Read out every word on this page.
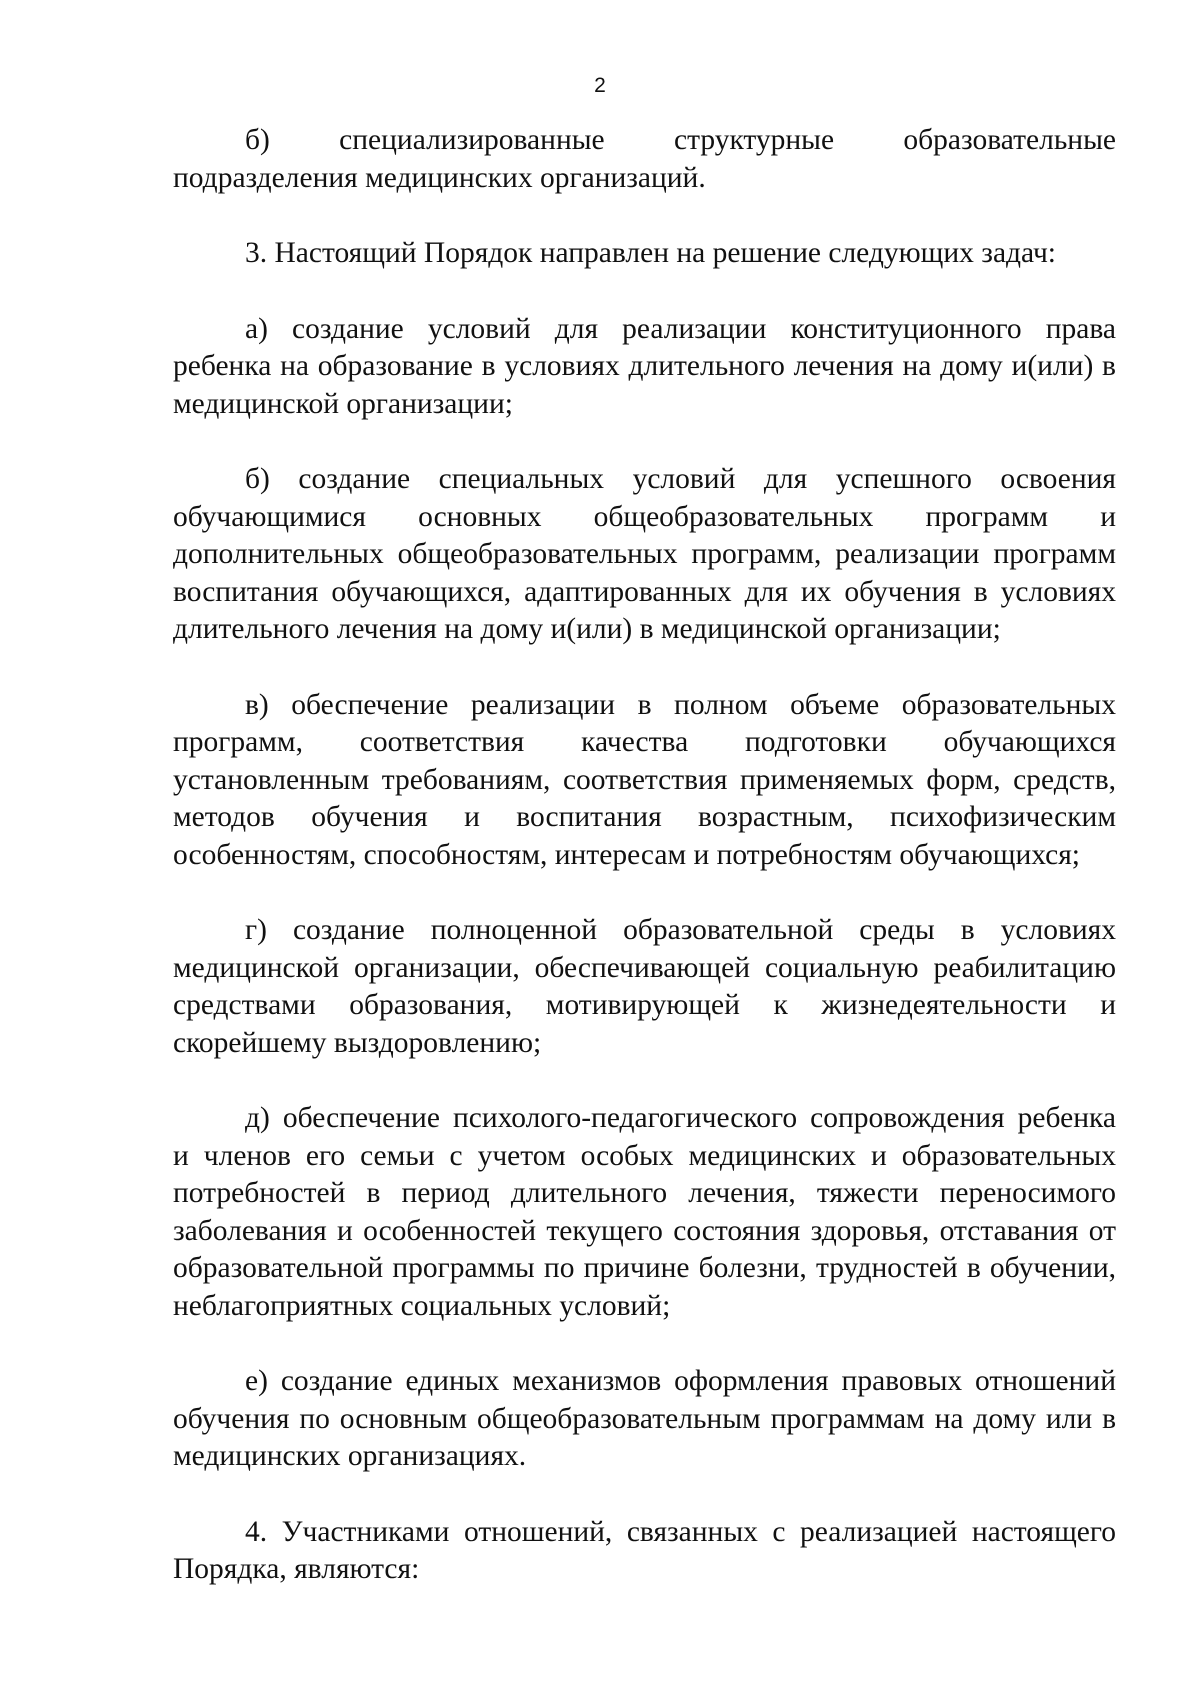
2

б) специализированные структурные образовательные подразделения медицинских организаций.

3. Настоящий Порядок направлен на решение следующих задач:

а) создание условий для реализации конституционного права ребенка на образование в условиях длительного лечения на дому и(или) в медицинской организации;

б) создание специальных условий для успешного освоения обучающимися основных общеобразовательных программ и дополнительных общеобразовательных программ, реализации программ воспитания обучающихся, адаптированных для их обучения в условиях длительного лечения на дому и(или) в медицинской организации;

в) обеспечение реализации в полном объеме образовательных программ, соответствия качества подготовки обучающихся установленным требованиям, соответствия применяемых форм, средств, методов обучения и воспитания возрастным, психофизическим особенностям, способностям, интересам и потребностям обучающихся;

г) создание полноценной образовательной среды в условиях медицинской организации, обеспечивающей социальную реабилитацию средствами образования, мотивирующей к жизнедеятельности и скорейшему выздоровлению;

д) обеспечение психолого-педагогического сопровождения ребенка и членов его семьи с учетом особых медицинских и образовательных потребностей в период длительного лечения, тяжести переносимого заболевания и особенностей текущего состояния здоровья, отставания от образовательной программы по причине болезни, трудностей в обучении, неблагоприятных социальных условий;

е) создание единых механизмов оформления правовых отношений обучения по основным общеобразовательным программам на дому или в медицинских организациях.

4. Участниками отношений, связанных с реализацией настоящего Порядка, являются:
